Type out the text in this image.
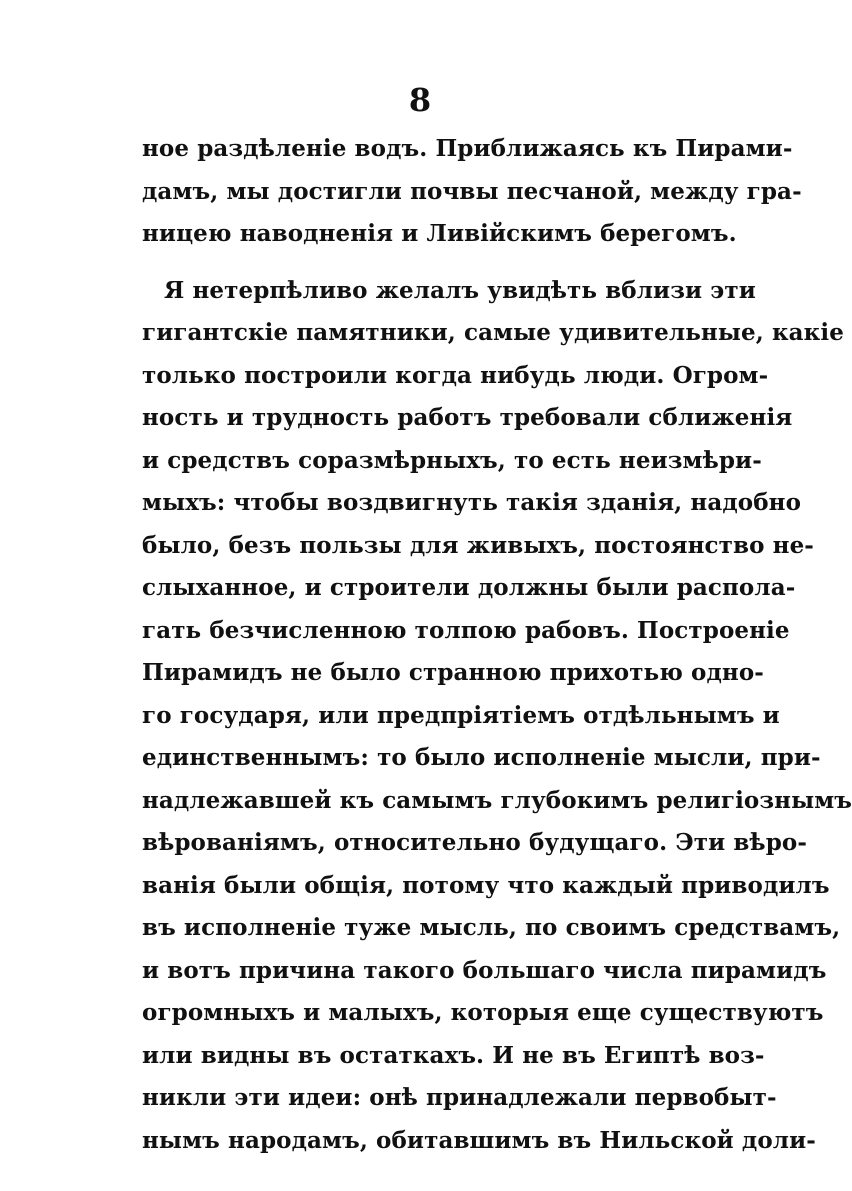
8
ное раздѣленіе водъ. Приближаясь къ Пирами-
дамъ, мы достигли почвы песчаной, между гра-
ницею наводненія и Ливійскимъ берегомъ.
Я нетерпѣливо желалъ увидѣть вблизи эти
гигантскіе памятники, самые удивительные, какіе
только построили когда нибудь люди. Огром-
ность и трудность работъ требовали сближенія
и средствъ соразмѣрныхъ, то есть неизмѣри-
мыхъ: чтобы воздвигнуть такія зданія, надобно
было, безъ пользы для живыхъ, постоянство не-
слыханное, и строители должны были распола-
гать безчисленною толпою рабовъ. Построеніе
Пирамидъ не было странною прихотью одно-
го государя, или предпріятіемъ отдѣльнымъ и
единственнымъ: то было исполненіе мысли, при-
надлежавшей къ самымъ глубокимъ религіознымъ
вѣрованіямъ, относительно будущаго. Эти вѣро-
ванія были общія, потому что каждый приводилъ
въ исполненіе туже мысль, по своимъ средствамъ,
и вотъ причина такого большаго числа пирамидъ
огромныхъ и малыхъ, которыя еще существуютъ
или видны въ остаткахъ. И не въ Египтѣ воз-
никли эти идеи: онѣ принадлежали первобыт-
нымъ народамъ, обитавшимъ въ Нильской доли-
